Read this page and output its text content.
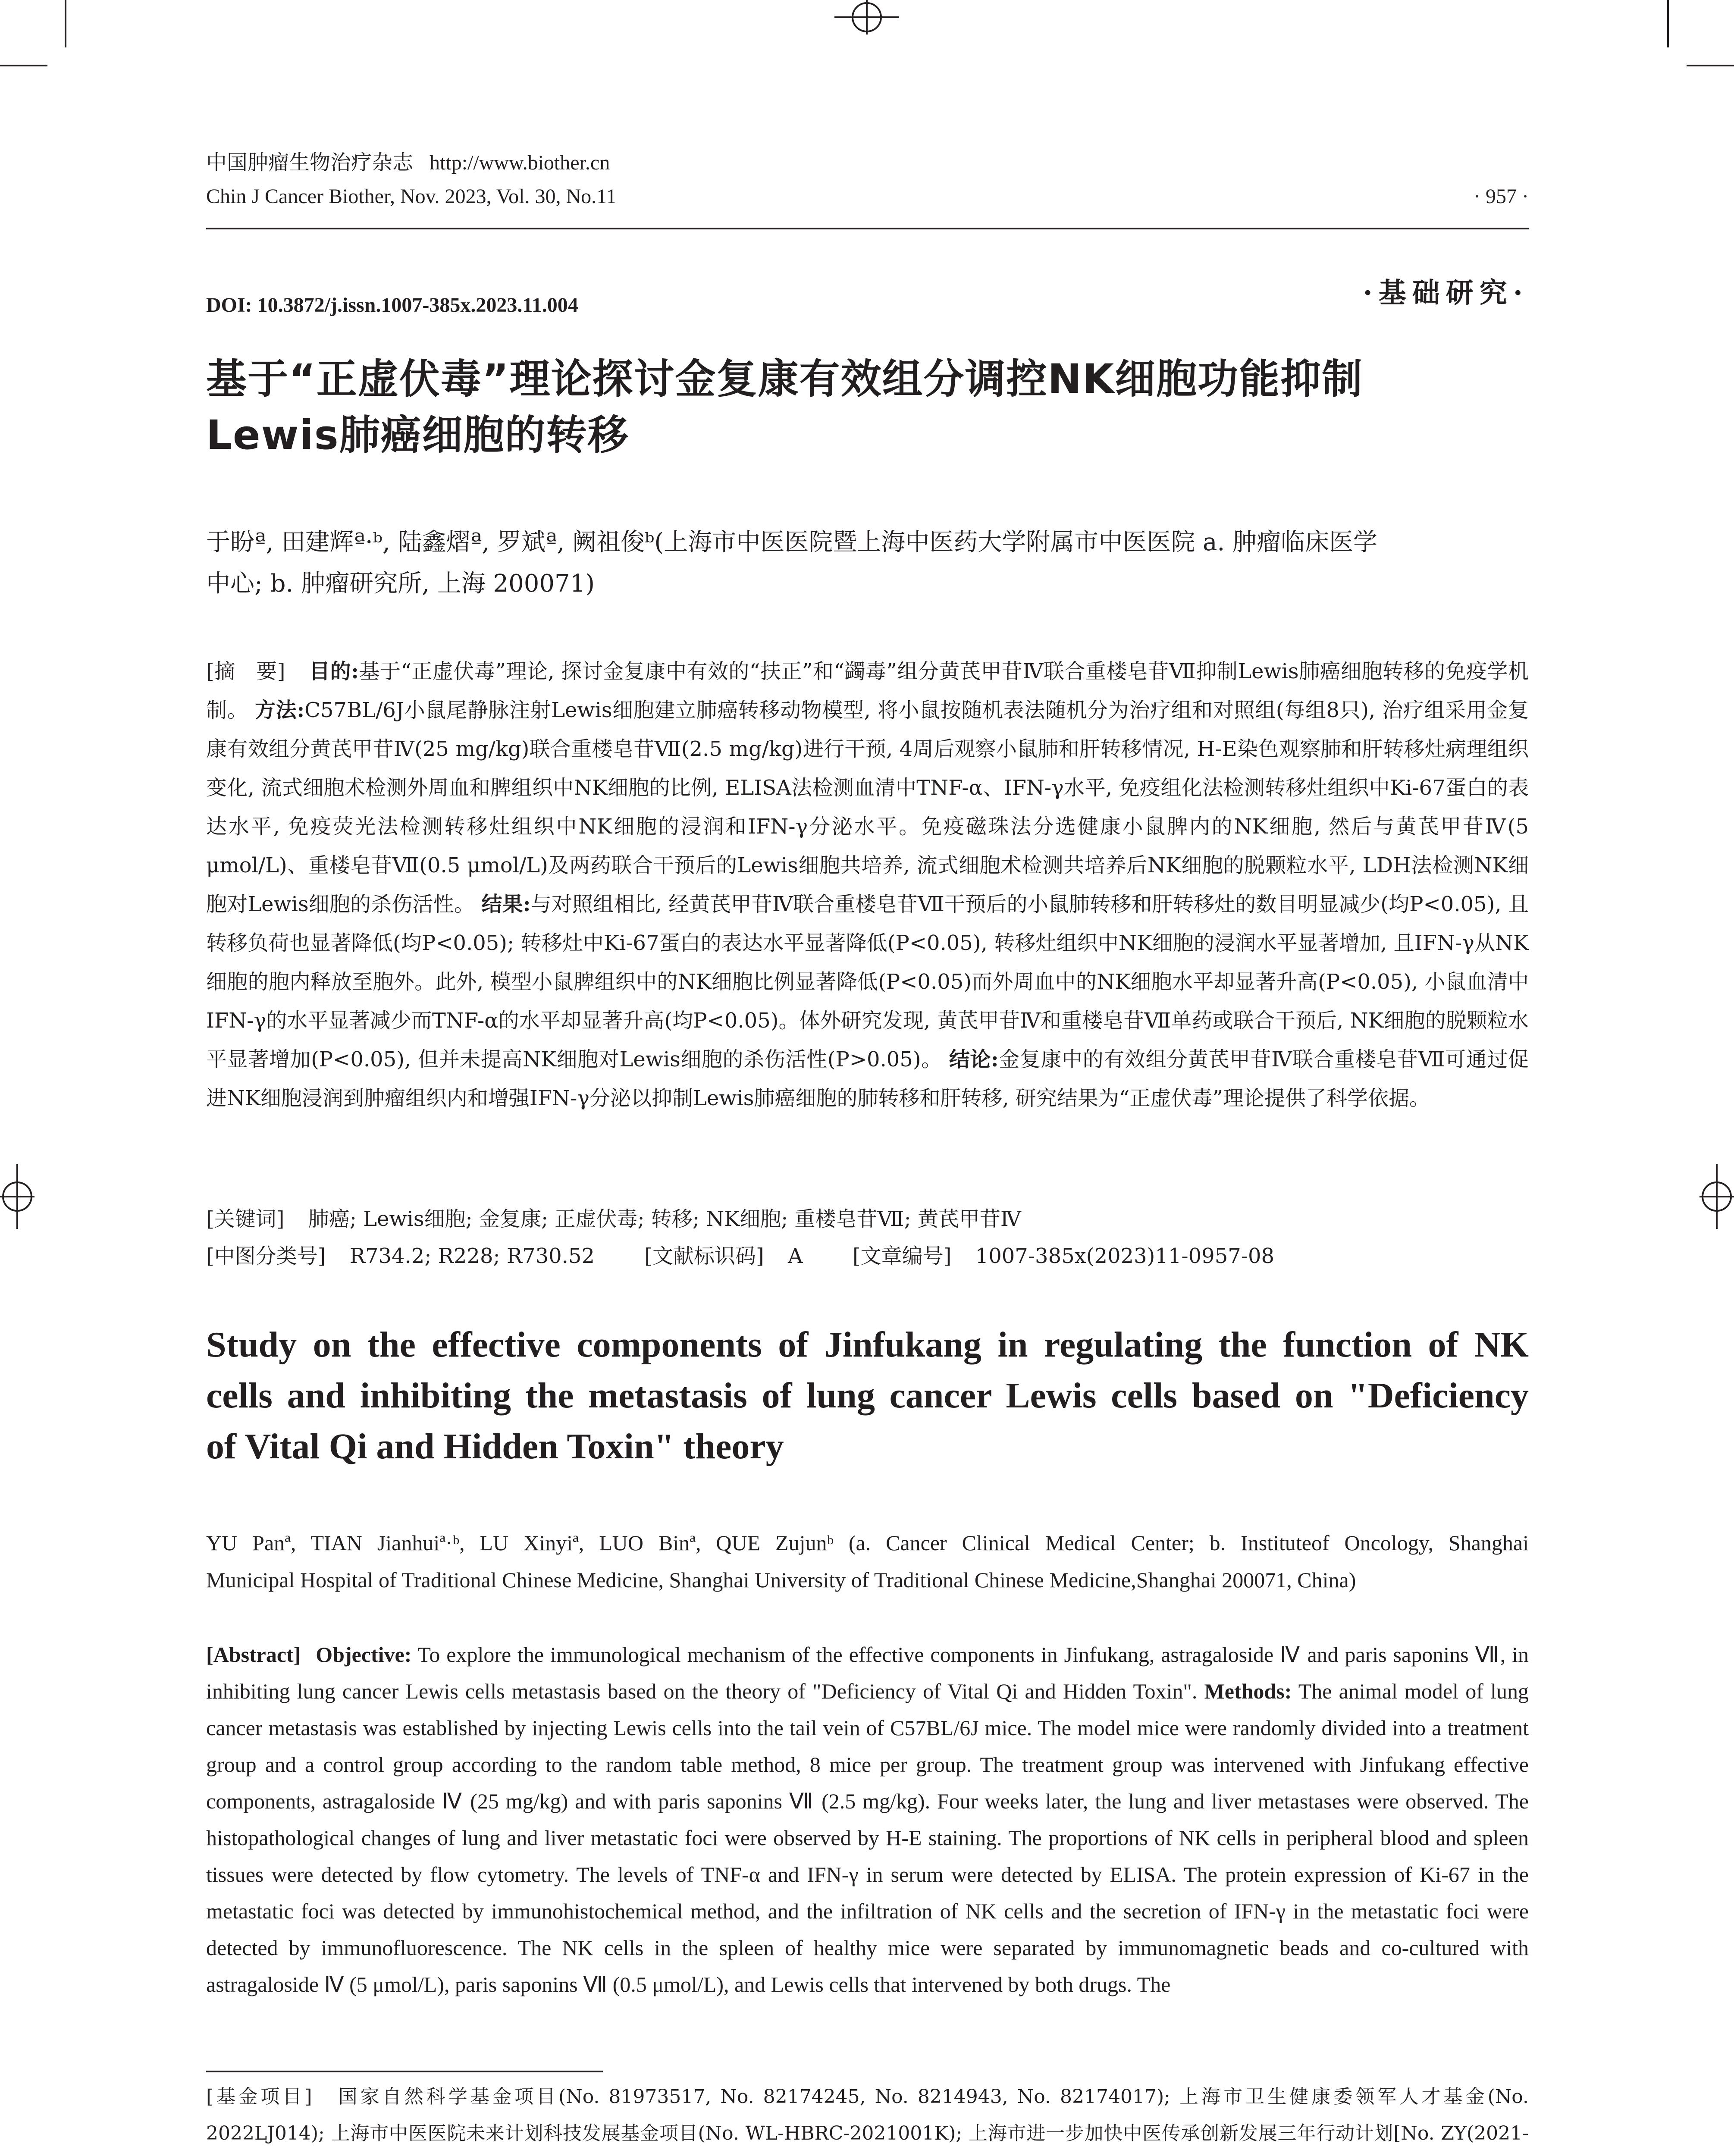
中国肿瘤生物治疗杂志 http://www.biother.cn
Chin J Cancer Biother, Nov. 2023, Vol. 30, No.11	· 957 ·
DOI: 10.3872/j.issn.1007-385x.2023.11.004	·基础研究·
基于“正虚伏毒”理论探讨金复康有效组分调控NK细胞功能抑制
Lewis肺癌细胞的转移
于盼ª, 田建辉ª·ᵇ, 陆鑫熠ª, 罗斌ª, 阙祖俊ᵇ(上海市中医医院暨上海中医药大学附属市中医医院 a. 肿瘤临床医学
中心; b. 肿瘤研究所, 上海 200071)
[摘　要] 目的:基于“正虚伏毒”理论, 探讨金复康中有效的“扶正”和“蠲毒”组分黄芪甲苷Ⅳ联合重楼皂苷Ⅶ抑制Lewis肺癌细胞转移的免疫学机制。 方法:C57BL/6J小鼠尾静脉注射Lewis细胞建立肺癌转移动物模型, 将小鼠按随机表法随机分为治疗组和对照组(每组8只), 治疗组采用金复康有效组分黄芪甲苷Ⅳ(25 mg/kg)联合重楼皂苷Ⅶ(2.5 mg/kg)进行干预, 4周后观察小鼠肺和肝转移情况, H-E染色观察肺和肝转移灶病理组织变化, 流式细胞术检测外周血和脾组织中NK细胞的比例, ELISA法检测血清中TNF-α、IFN-γ水平, 免疫组化法检测转移灶组织中Ki-67蛋白的表达水平, 免疫荧光法检测转移灶组织中NK细胞的浸润和IFN-γ分泌水平。免疫磁珠法分选健康小鼠脾内的NK细胞, 然后与黄芪甲苷Ⅳ(5 μmol/L)、重楼皂苷Ⅶ(0.5 μmol/L)及两药联合干预后的Lewis细胞共培养, 流式细胞术检测共培养后NK细胞的脱颗粒水平, LDH法检测NK细胞对Lewis细胞的杀伤活性。 结果:与对照组相比, 经黄芪甲苷Ⅳ联合重楼皂苷Ⅶ干预后的小鼠肺转移和肝转移灶的数目明显减少(均P<0.05), 且转移负荷也显著降低(均P<0.05); 转移灶中Ki-67蛋白的表达水平显著降低(P<0.05), 转移灶组织中NK细胞的浸润水平显著增加, 且IFN-γ从NK细胞的胞内释放至胞外。此外, 模型小鼠脾组织中的NK细胞比例显著降低(P<0.05)而外周血中的NK细胞水平却显著升高(P<0.05), 小鼠血清中IFN-γ的水平显著减少而TNF-α的水平却显著升高(均P<0.05)。体外研究发现, 黄芪甲苷Ⅳ和重楼皂苷Ⅶ单药或联合干预后, NK细胞的脱颗粒水平显著增加(P<0.05), 但并未提高NK细胞对Lewis细胞的杀伤活性(P>0.05)。 结论:金复康中的有效组分黄芪甲苷Ⅳ联合重楼皂苷Ⅶ可通过促进NK细胞浸润到肿瘤组织内和增强IFN-γ分泌以抑制Lewis肺癌细胞的肺转移和肝转移, 研究结果为“正虚伏毒”理论提供了科学依据。
[关键词] 肺癌; Lewis细胞; 金复康; 正虚伏毒; 转移; NK细胞; 重楼皂苷Ⅶ; 黄芪甲苷Ⅳ
[中图分类号] R734.2; R228; R730.52 [文献标识码] A [文章编号] 1007-385x(2023)11-0957-08
Study on the effective components of Jinfukang in regulating the function of NK
cells and inhibiting the metastasis of lung cancer Lewis cells based on "Deficiency
of Vital Qi and Hidden Toxin" theory
YU Panª, TIAN Jianhuiª·ᵇ, LU Xinyiª, LUO Binª, QUE Zujunᵇ (a. Cancer Clinical Medical Center; b. Instituteof Oncology, Shanghai
Municipal Hospital of Traditional Chinese Medicine, Shanghai University of Traditional Chinese Medicine,Shanghai 200071, China)
[Abstract] Objective: To explore the immunological mechanism of the effective components in Jinfukang, astragaloside Ⅳ and paris saponins Ⅶ, in inhibiting lung cancer Lewis cells metastasis based on the theory of "Deficiency of Vital Qi and Hidden Toxin". Methods: The animal model of lung cancer metastasis was established by injecting Lewis cells into the tail vein of C57BL/6J mice. The model mice were randomly divided into a treatment group and a control group according to the random table method, 8 mice per group. The treatment group was intervened with Jinfukang effective components, astragaloside Ⅳ (25 mg/kg) and with paris saponins Ⅶ (2.5 mg/kg). Four weeks later, the lung and liver metastases were observed. The histopathological changes of lung and liver metastatic foci were observed by H-E staining. The proportions of NK cells in peripheral blood and spleen tissues were detected by flow cytometry. The levels of TNF-α and IFN-γ in serum were detected by ELISA. The protein expression of Ki-67 in the metastatic foci was detected by immunohistochemical method, and the infiltration of NK cells and the secretion of IFN-γ in the metastatic foci were detected by immunofluorescence. The NK cells in the spleen of healthy mice were separated by immunomagnetic beads and co-cultured with astragaloside Ⅳ (5 μmol/L), paris saponins Ⅶ (0.5 μmol/L), and Lewis cells that intervened by both drugs. The
[基金项目] 国家自然科学基金项目(No. 81973517, No. 82174245, No. 8214943, No. 82174017); 上海市卫生健康委领军人才基金(No. 2022LJ014); 上海市中医医院未来计划科技发展基金项目(No. WL-HBRC-2021001K); 上海市进一步加快中医传承创新发展三年行动计划[No. ZY(2021-
